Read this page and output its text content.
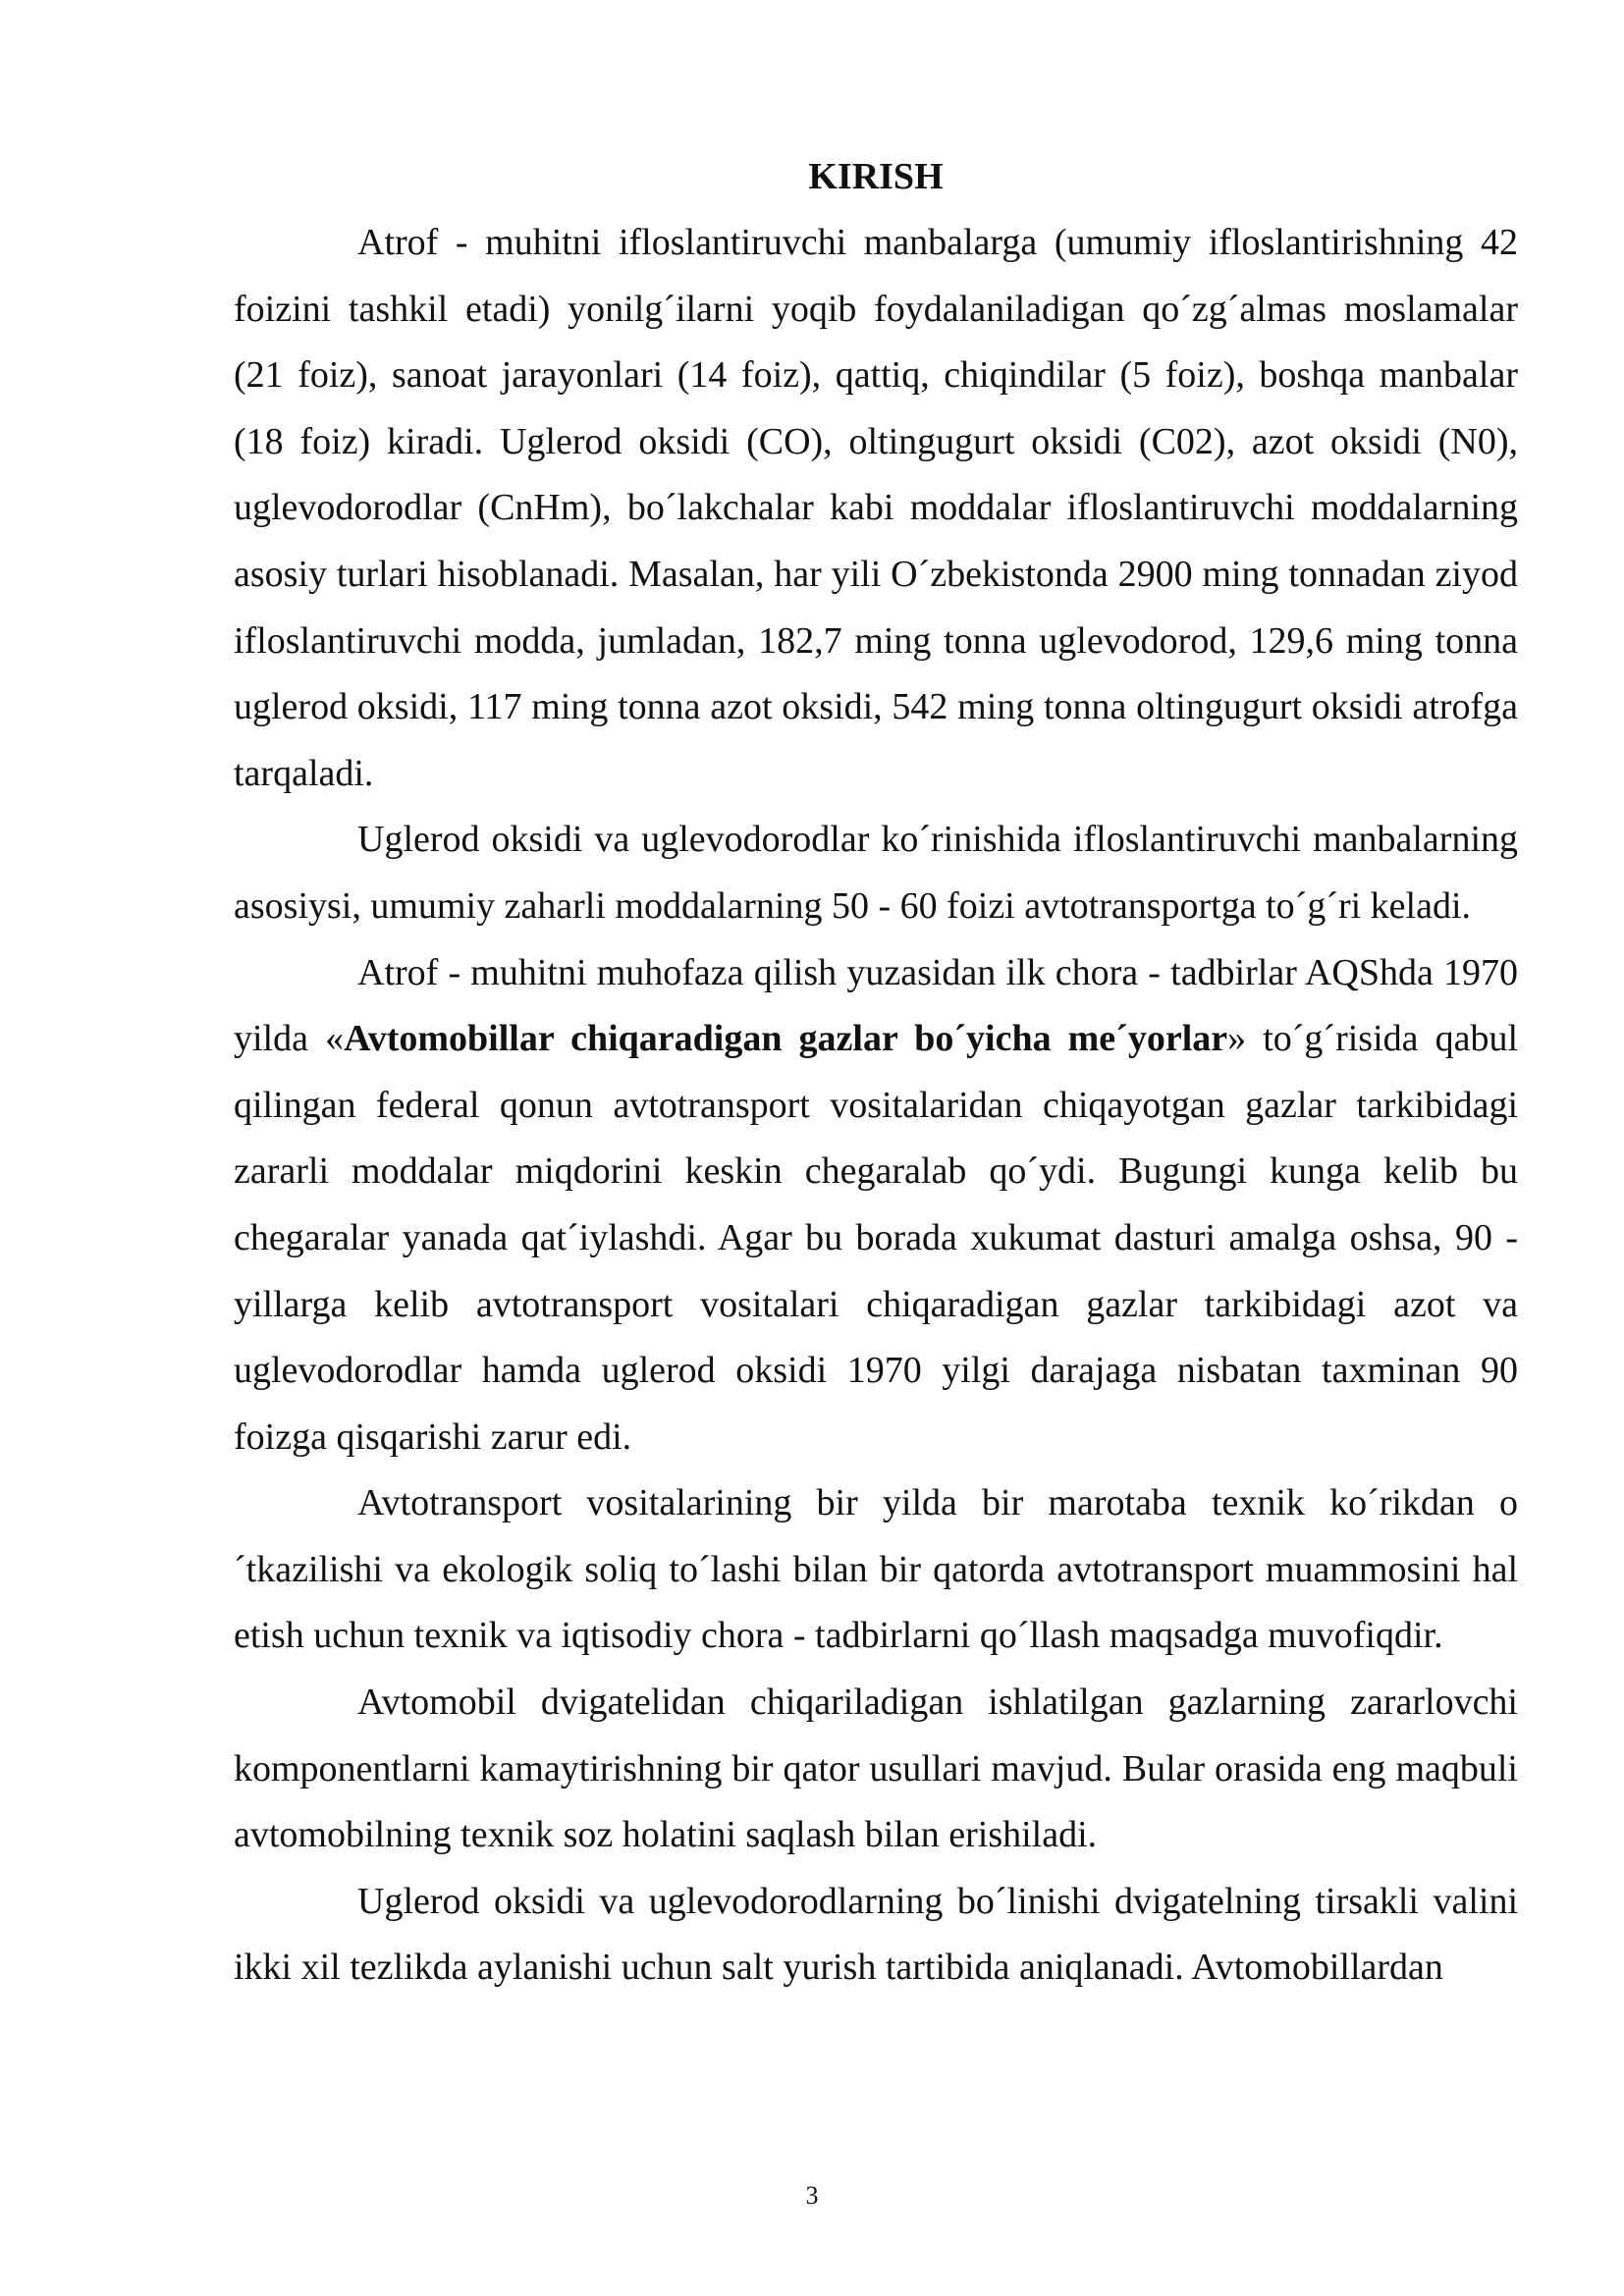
KIRISH

Atrof - muhitni ifloslantiruvchi manbalarga (umumiy ifloslantirishning 42 foizini tashkil etadi) yonilg´ilarni yoqib foydalaniladigan qo´zg´almas moslamalar (21 foiz), sanoat jarayonlari (14 foiz), qattiq, chiqindilar (5 foiz), boshqa manbalar (18 foiz) kiradi. Uglerod oksidi (CO), oltingugurt oksidi (C02), azot oksidi (N0), uglevodorodlar (CnHm), bo´lakchalar kabi moddalar ifloslantiruvchi moddalarning asosiy turlari hisoblanadi. Masalan, har yili O´zbekistonda 2900 ming tonnadan ziyod ifloslantiruvchi modda, jumladan, 182,7 ming tonna uglevodorod, 129,6 ming tonna uglerod oksidi, 117 ming tonna azot oksidi, 542 ming tonna oltingugurt oksidi atrofga tarqaladi.

Uglerod oksidi va uglevodorodlar ko´rinishida ifloslantiruvchi manbalarning asosiysi, umumiy zaharli moddalarning 50 - 60 foizi avtotransportga to´g´ri keladi.

Atrof - muhitni muhofaza qilish yuzasidan ilk chora - tadbirlar AQShda 1970 yilda «Avtomobillar chiqaradigan gazlar bo´yicha me´yorlar» to´g´risida qabul qilingan federal qonun avtotransport vositalaridan chiqayotgan gazlar tarkibidagi zararli moddalar miqdorini keskin chegaralab qo´ydi. Bugungi kunga kelib bu chegaralar yanada qat´iylashdi. Agar bu borada xukumat dasturi amalga oshsa, 90 - yillarga kelib avtotransport vositalari chiqaradigan gazlar tarkibidagi azot va uglevodorodlar hamda uglerod oksidi 1970 yilgi darajaga nisbatan taxminan 90 foizga qisqarishi zarur edi.

Avtotransport vositalarining bir yilda bir marotaba texnik ko´rikdan o´tkazilishi va ekologik soliq to´lashi bilan bir qatorda avtotransport muammosini hal etish uchun texnik va iqtisodiy chora - tadbirlarni qo´llash maqsadga muvofiqdir.

Avtomobil dvigatelidan chiqariladigan ishlatilgan gazlarning zararlovchi komponentlarni kamaytirishning bir qator usullari mavjud. Bular orasida eng maqbuli avtomobilning texnik soz holatini saqlash bilan erishiladi.

Uglerod oksidi va uglevodorodlarning bo´linishi dvigatelning tirsakli valini ikki xil tezlikda aylanishi uchun salt yurish tartibida aniqlanadi. Avtomobillardan

3
